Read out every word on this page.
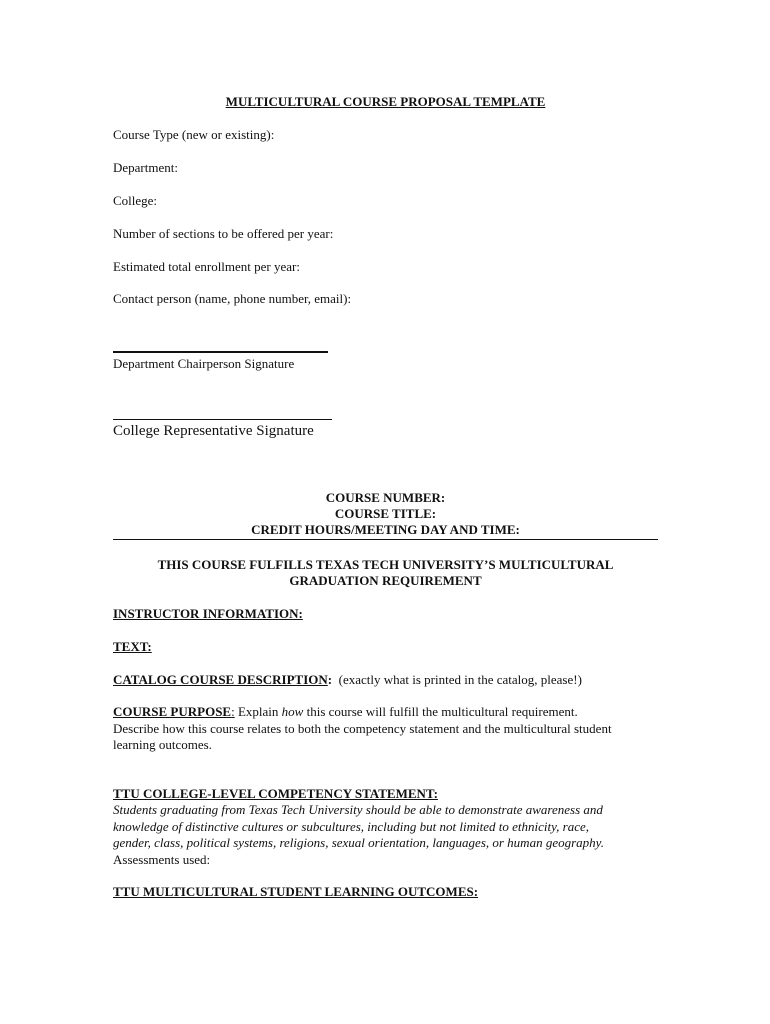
MULTICULTURAL COURSE PROPOSAL TEMPLATE
Course Type (new or existing):
Department:
College:
Number of sections to be offered per year:
Estimated total enrollment per year:
Contact person (name, phone number, email):
Department Chairperson Signature
College Representative Signature
COURSE NUMBER:
COURSE TITLE:
CREDIT HOURS/MEETING DAY AND TIME:
THIS COURSE FULFILLS TEXAS TECH UNIVERSITY’S MULTICULTURAL
GRADUATION REQUIREMENT
INSTRUCTOR INFORMATION:
TEXT:
CATALOG COURSE DESCRIPTION: (exactly what is printed in the catalog, please!)
COURSE PURPOSE: Explain how this course will fulfill the multicultural requirement.
Describe how this course relates to both the competency statement and the multicultural student
learning outcomes.
TTU COLLEGE-LEVEL COMPETENCY STATEMENT:
Students graduating from Texas Tech University should be able to demonstrate awareness and
knowledge of distinctive cultures or subcultures, including but not limited to ethnicity, race,
gender, class, political systems, religions, sexual orientation, languages, or human geography.
Assessments used:
TTU MULTICULTURAL STUDENT LEARNING OUTCOMES:
